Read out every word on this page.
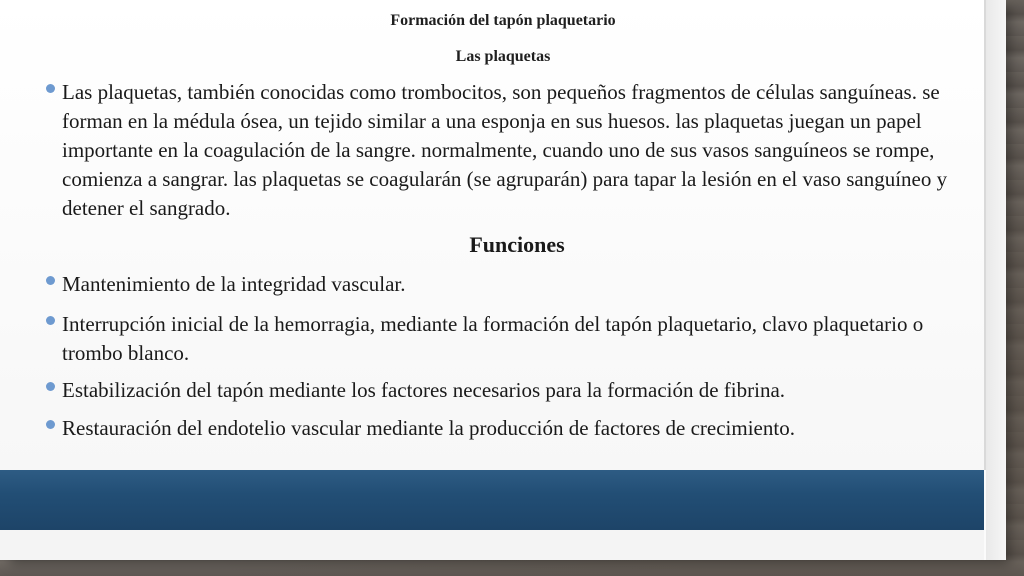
Formación del tapón plaquetario
Las plaquetas
Las plaquetas, también conocidas como trombocitos, son pequeños fragmentos de células sanguíneas. se forman en la médula ósea, un tejido similar a una esponja en sus huesos. las plaquetas juegan un papel importante en la coagulación de la sangre. normalmente, cuando uno de sus vasos sanguíneos se rompe, comienza a sangrar. las plaquetas se coagularán (se agruparán) para tapar la lesión en el vaso sanguíneo y detener el sangrado.
Funciones
Mantenimiento de la integridad vascular.
Interrupción inicial de la hemorragia, mediante la formación del tapón plaquetario, clavo plaquetario o trombo blanco.
Estabilización del tapón mediante los factores necesarios para la formación de fibrina.
Restauración del endotelio vascular mediante la producción de factores de crecimiento.
